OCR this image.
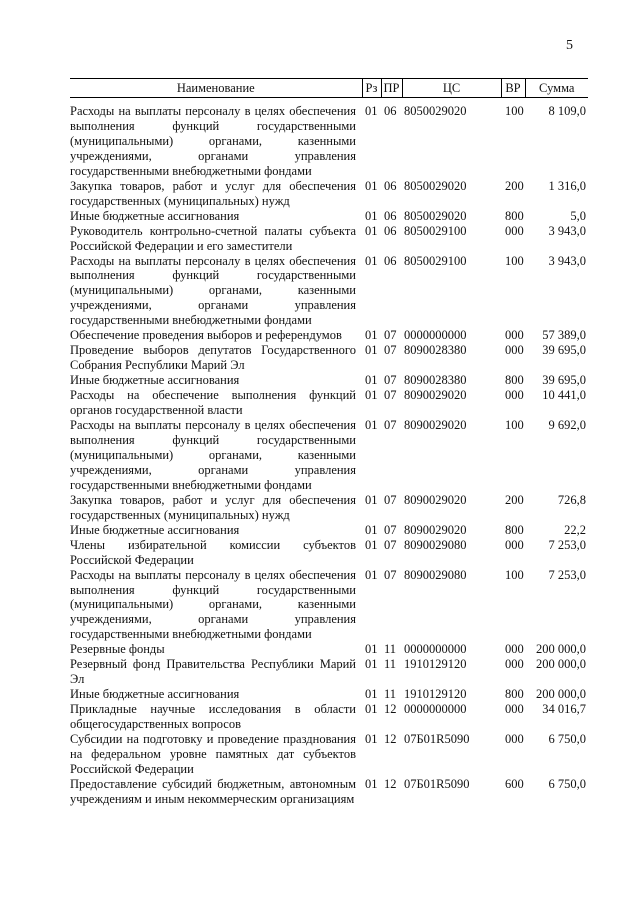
5
Наименование	Рз	ПР	ЦС	ВР	Сумма
Расходы на выплаты персоналу в целях обеспечения выполнения функций государственными (муниципальными) органами, казенными учреждениями, органами управления государственными внебюджетными фондами	01	06	8050029020	100	8 109,0
Закупка товаров, работ и услуг для обеспечения государственных (муниципальных) нужд	01	06	8050029020	200	1 316,0
Иные бюджетные ассигнования	01	06	8050029020	800	5,0
Руководитель контрольно-счетной палаты субъекта Российской Федерации и его заместители	01	06	8050029100	000	3 943,0
Расходы на выплаты персоналу в целях обеспечения выполнения функций государственными (муниципальными) органами, казенными учреждениями, органами управления государственными внебюджетными фондами	01	06	8050029100	100	3 943,0
Обеспечение проведения выборов и референдумов	01	07	0000000000	000	57 389,0
Проведение выборов депутатов Государственного Собрания Республики Марий Эл	01	07	8090028380	000	39 695,0
Иные бюджетные ассигнования	01	07	8090028380	800	39 695,0
Расходы на обеспечение выполнения функций органов государственной власти	01	07	8090029020	000	10 441,0
Расходы на выплаты персоналу в целях обеспечения выполнения функций государственными (муниципальными) органами, казенными учреждениями, органами управления государственными внебюджетными фондами	01	07	8090029020	100	9 692,0
Закупка товаров, работ и услуг для обеспечения государственных (муниципальных) нужд	01	07	8090029020	200	726,8
Иные бюджетные ассигнования	01	07	8090029020	800	22,2
Члены избирательной комиссии субъектов Российской Федерации	01	07	8090029080	000	7 253,0
Расходы на выплаты персоналу в целях обеспечения выполнения функций государственными (муниципальными) органами, казенными учреждениями, органами управления государственными внебюджетными фондами	01	07	8090029080	100	7 253,0
Резервные фонды	01	11	0000000000	000	200 000,0
Резервный фонд Правительства Республики Марий Эл	01	11	1910129120	000	200 000,0
Иные бюджетные ассигнования	01	11	1910129120	800	200 000,0
Прикладные научные исследования в области общегосударственных вопросов	01	12	0000000000	000	34 016,7
Субсидии на подготовку и проведение празднования на федеральном уровне памятных дат субъектов Российской Федерации	01	12	07Б01R5090	000	6 750,0
Предоставление субсидий бюджетным, автономным учреждениям и иным некоммерческим организациям	01	12	07Б01R5090	600	6 750,0
